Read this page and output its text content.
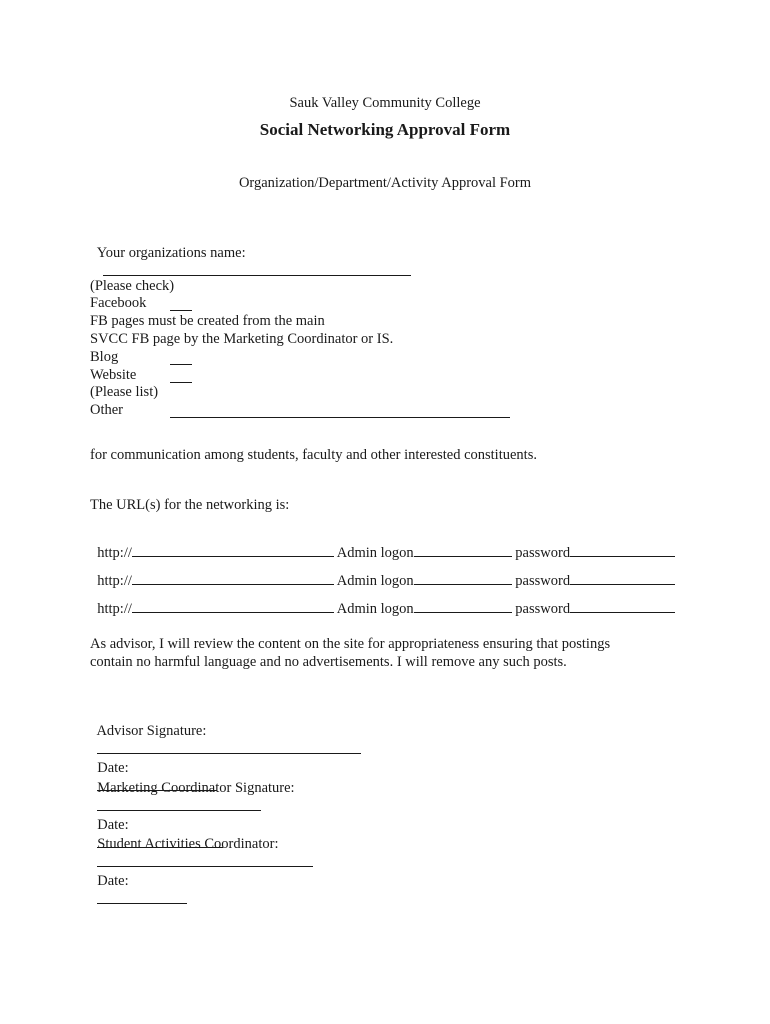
Sauk Valley Community College
Social Networking Approval Form
Organization/Department/Activity Approval Form

Your organizations name:

(Please check)
Facebook
FB pages must be created from the main
SVCC FB page by the Marketing Coordinator or IS.
Blog
Website
(Please list)
Other
for communication among students, faculty and other interested constituents.
The URL(s) for the networking is:

http://	Admin logon	password

http://	Admin logon	password

http://	Admin logon	password

As advisor, I will review the content on the site for appropriateness ensuring that postings
contain no harmful language and no advertisements. I will remove any such posts.

Advisor Signature:

Date:

Marketing Coordinator Signature:

Date:

Student Activities Coordinator:

Date:
